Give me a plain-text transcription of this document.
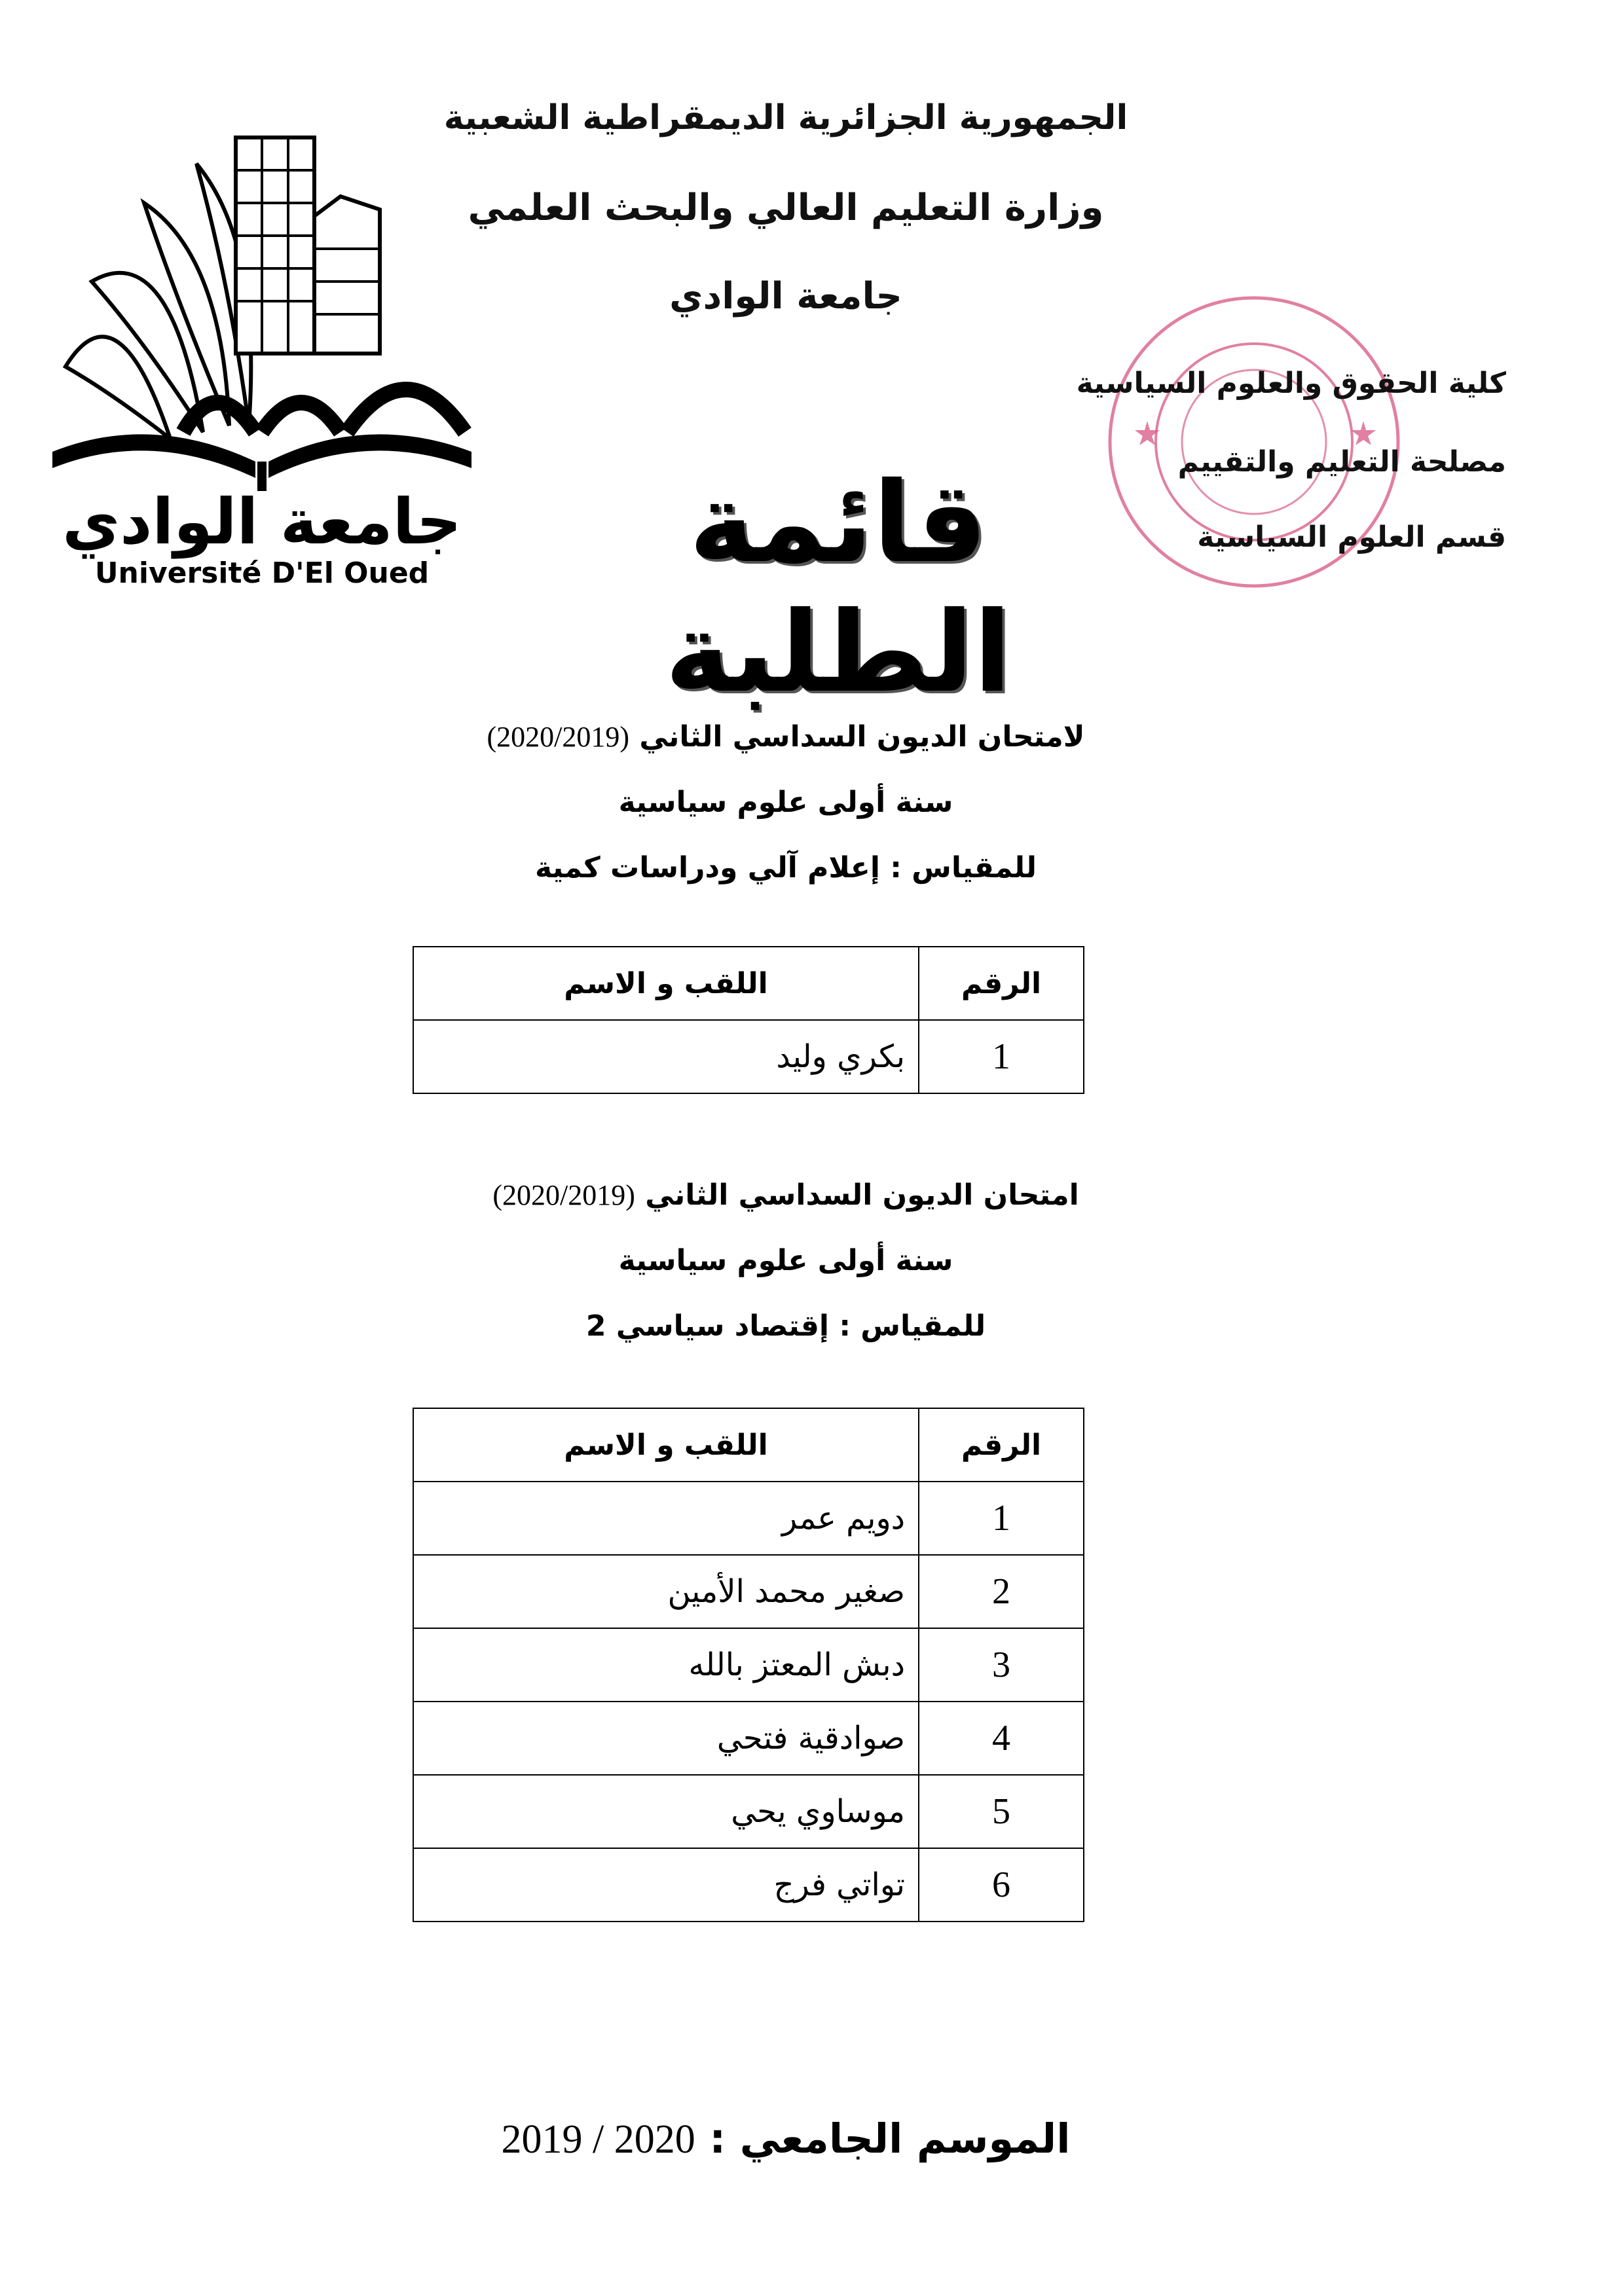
جامعة الوادي
Université D'El Oued
الجمهورية الجزائرية الديمقراطية الشعبية
وزارة التعليم العالي والبحث العلمي
جامعة الوادي
كلية الحقوق والعلوم السياسية
مصلحة التعليم والتقييم
قسم العلوم السياسية
قائمة الطلبة
لامتحان الديون السداسي الثاني (2020/2019)
سنة أولى علوم سياسية
للمقياس : إعلام آلي ودراسات كمية
الرقم	اللقب و الاسم
1	بكري وليد
امتحان الديون السداسي الثاني (2020/2019)
سنة أولى علوم سياسية
للمقياس : إقتصاد سياسي 2
الرقم	اللقب و الاسم
1	دويم عمر
2	صغير محمد الأمين
3	دبش المعتز بالله
4	صوادقية فتحي
5	موساوي يحي
6	تواتي فرج
الموسم الجامعي : 2020 / 2019
